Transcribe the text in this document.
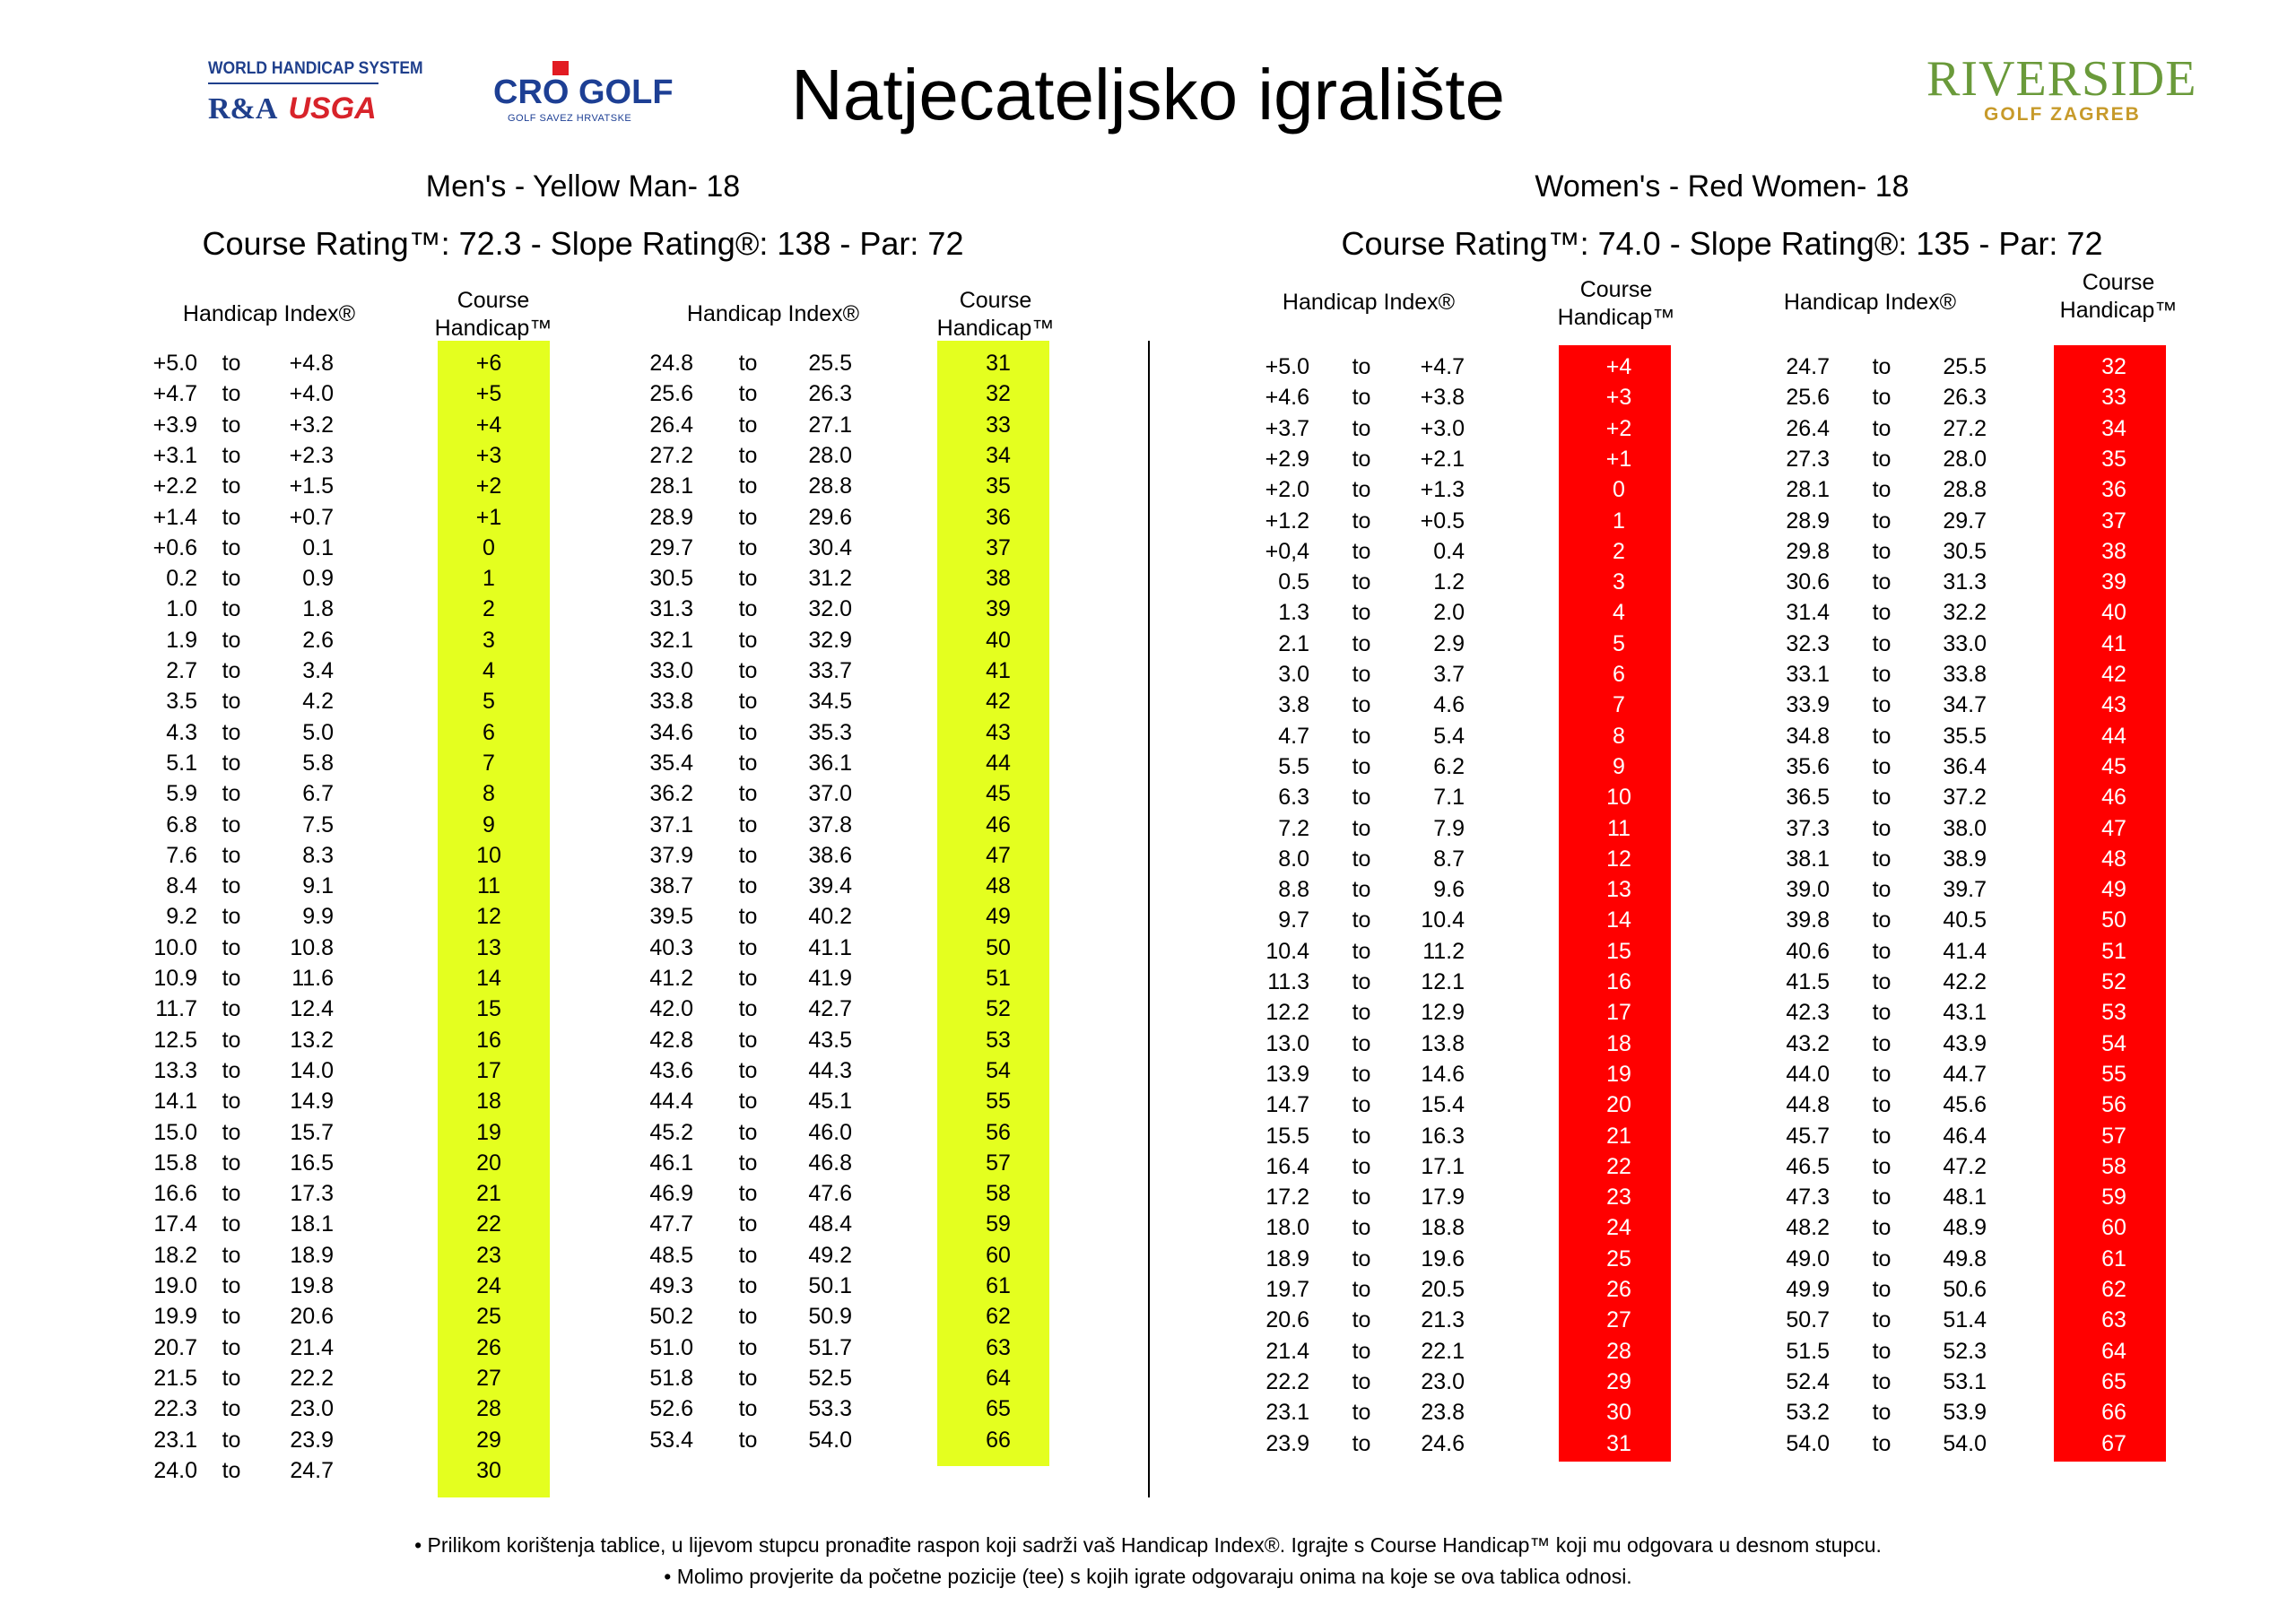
WORLD HANDICAP SYSTEM
R&A USGA	CRO GOLF
GOLF SAVEZ HRVATSKE
RIVERSIDE
GOLF ZAGREB
Natjecateljsko igralište
Men's - Yellow Man- 18
Course Rating™: 72.3 - Slope Rating®: 138 - Par: 72
Women's - Red Women- 18
Course Rating™: 74.0 - Slope Rating®: 135 - Par: 72
Handicap Index®
Course
Handicap™
Handicap Index®
Course
Handicap™
Handicap Index®	Course
Handicap™
Handicap Index®
Course
Handicap™
+5.0	to	+4.8	+6
+4.7	to	+4.0	+5
+3.9	to	+3.2	+4
+3.1	to	+2.3	+3
+2.2	to	+1.5	+2
+1.4	to	+0.7	+1
+0.6	to	0.1	0
0.2	to	0.9	1
1.0	to	1.8	2
1.9	to	2.6	3
2.7	to	3.4	4
3.5	to	4.2	5
4.3	to	5.0	6
5.1	to	5.8	7
5.9	to	6.7	8
6.8	to	7.5	9
7.6	to	8.3	10
8.4	to	9.1	11
9.2	to	9.9	12
10.0	to	10.8	13
10.9	to	11.6	14
11.7	to	12.4	15
12.5	to	13.2	16
13.3	to	14.0	17
14.1	to	14.9	18
15.0	to	15.7	19
15.8	to	16.5	20
16.6	to	17.3	21
17.4	to	18.1	22
18.2	to	18.9	23
19.0	to	19.8	24
19.9	to	20.6	25
20.7	to	21.4	26
21.5	to	22.2	27
22.3	to	23.0	28
23.1	to	23.9	29
24.0	to	24.7	30
24.8	to	25.5	31
25.6	to	26.3	32
26.4	to	27.1	33
27.2	to	28.0	34
28.1	to	28.8	35
28.9	to	29.6	36
29.7	to	30.4	37
30.5	to	31.2	38
31.3	to	32.0	39
32.1	to	32.9	40
33.0	to	33.7	41
33.8	to	34.5	42
34.6	to	35.3	43
35.4	to	36.1	44
36.2	to	37.0	45
37.1	to	37.8	46
37.9	to	38.6	47
38.7	to	39.4	48
39.5	to	40.2	49
40.3	to	41.1	50
41.2	to	41.9	51
42.0	to	42.7	52
42.8	to	43.5	53
43.6	to	44.3	54
44.4	to	45.1	55
45.2	to	46.0	56
46.1	to	46.8	57
46.9	to	47.6	58
47.7	to	48.4	59
48.5	to	49.2	60
49.3	to	50.1	61
50.2	to	50.9	62
51.0	to	51.7	63
51.8	to	52.5	64
52.6	to	53.3	65
53.4	to	54.0	66
+5.0	to	+4.7	+4
+4.6	to	+3.8	+3
+3.7	to	+3.0	+2
+2.9	to	+2.1	+1
+2.0	to	+1.3	0
+1.2	to	+0.5	1
+0,4	to	0.4	2
0.5	to	1.2	3
1.3	to	2.0	4
2.1	to	2.9	5
3.0	to	3.7	6
3.8	to	4.6	7
4.7	to	5.4	8
5.5	to	6.2	9
6.3	to	7.1	10
7.2	to	7.9	11
8.0	to	8.7	12
8.8	to	9.6	13
9.7	to	10.4	14
10.4	to	11.2	15
11.3	to	12.1	16
12.2	to	12.9	17
13.0	to	13.8	18
13.9	to	14.6	19
14.7	to	15.4	20
15.5	to	16.3	21
16.4	to	17.1	22
17.2	to	17.9	23
18.0	to	18.8	24
18.9	to	19.6	25
19.7	to	20.5	26
20.6	to	21.3	27
21.4	to	22.1	28
22.2	to	23.0	29
23.1	to	23.8	30
23.9	to	24.6	31
24.7	to	25.5	32
25.6	to	26.3	33
26.4	to	27.2	34
27.3	to	28.0	35
28.1	to	28.8	36
28.9	to	29.7	37
29.8	to	30.5	38
30.6	to	31.3	39
31.4	to	32.2	40
32.3	to	33.0	41
33.1	to	33.8	42
33.9	to	34.7	43
34.8	to	35.5	44
35.6	to	36.4	45
36.5	to	37.2	46
37.3	to	38.0	47
38.1	to	38.9	48
39.0	to	39.7	49
39.8	to	40.5	50
40.6	to	41.4	51
41.5	to	42.2	52
42.3	to	43.1	53
43.2	to	43.9	54
44.0	to	44.7	55
44.8	to	45.6	56
45.7	to	46.4	57
46.5	to	47.2	58
47.3	to	48.1	59
48.2	to	48.9	60
49.0	to	49.8	61
49.9	to	50.6	62
50.7	to	51.4	63
51.5	to	52.3	64
52.4	to	53.1	65
53.2	to	53.9	66
54.0	to	54.0	67
• Prilikom korištenja tablice, u lijevom stupcu pronađite raspon koji sadrži vaš Handicap Index®. Igrajte s Course Handicap™ koji mu odgovara u desnom stupcu.
• Molimo provjerite da početne pozicije (tee) s kojih igrate odgovaraju onima na koje se ova tablica odnosi.
